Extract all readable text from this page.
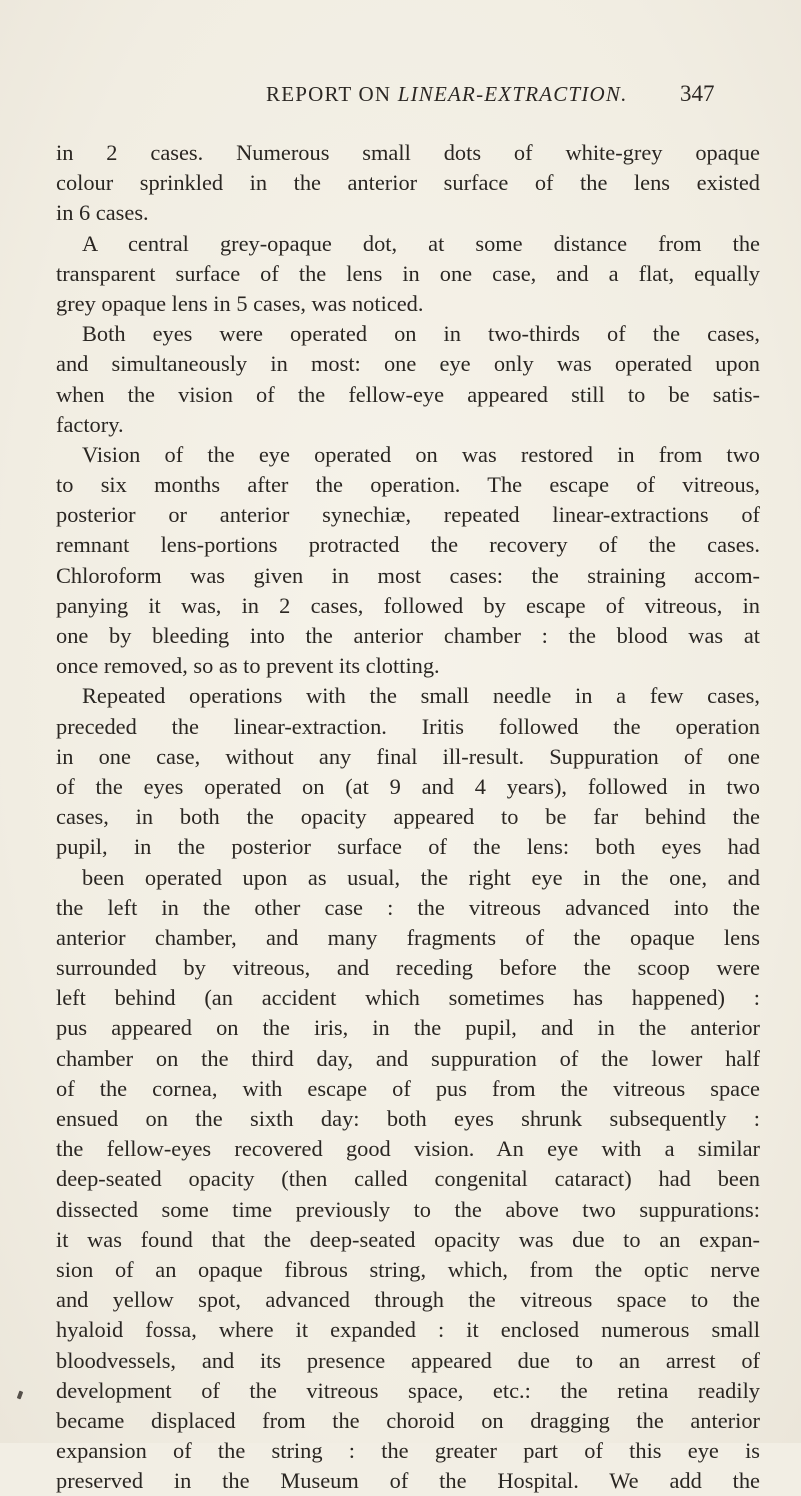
REPORT ON LINEAR-EXTRACTION. 347
in 2 cases. Numerous small dots of white-grey opaque
colour sprinkled in the anterior surface of the lens existed
in 6 cases.
A central grey-opaque dot, at some distance from the
transparent surface of the lens in one case, and a flat, equally
grey opaque lens in 5 cases, was noticed.
Both eyes were operated on in two-thirds of the cases,
and simultaneously in most: one eye only was operated upon
when the vision of the fellow-eye appeared still to be satis-
factory.
Vision of the eye operated on was restored in from two
to six months after the operation. The escape of vitreous,
posterior or anterior synechiæ, repeated linear-extractions of
remnant lens-portions protracted the recovery of the cases.
Chloroform was given in most cases: the straining accom-
panying it was, in 2 cases, followed by escape of vitreous, in
one by bleeding into the anterior chamber : the blood was at
once removed, so as to prevent its clotting.
Repeated operations with the small needle in a few cases,
preceded the linear-extraction. Iritis followed the operation
in one case, without any final ill-result. Suppuration of one
of the eyes operated on (at 9 and 4 years), followed in two
cases, in both the opacity appeared to be far behind the
pupil, in the posterior surface of the lens: both eyes had
been operated upon as usual, the right eye in the one, and
the left in the other case : the vitreous advanced into the
anterior chamber, and many fragments of the opaque lens
surrounded by vitreous, and receding before the scoop were
left behind (an accident which sometimes has happened) :
pus appeared on the iris, in the pupil, and in the anterior
chamber on the third day, and suppuration of the lower half
of the cornea, with escape of pus from the vitreous space
ensued on the sixth day: both eyes shrunk subsequently :
the fellow-eyes recovered good vision. An eye with a similar
deep-seated opacity (then called congenital cataract) had been
dissected some time previously to the above two suppurations:
it was found that the deep-seated opacity was due to an expan-
sion of an opaque fibrous string, which, from the optic nerve
and yellow spot, advanced through the vitreous space to the
hyaloid fossa, where it expanded : it enclosed numerous small
bloodvessels, and its presence appeared due to an arrest of
development of the vitreous space, etc.: the retina readily
became displaced from the choroid on dragging the anterior
expansion of the string : the greater part of this eye is
preserved in the Museum of the Hospital. We add the
